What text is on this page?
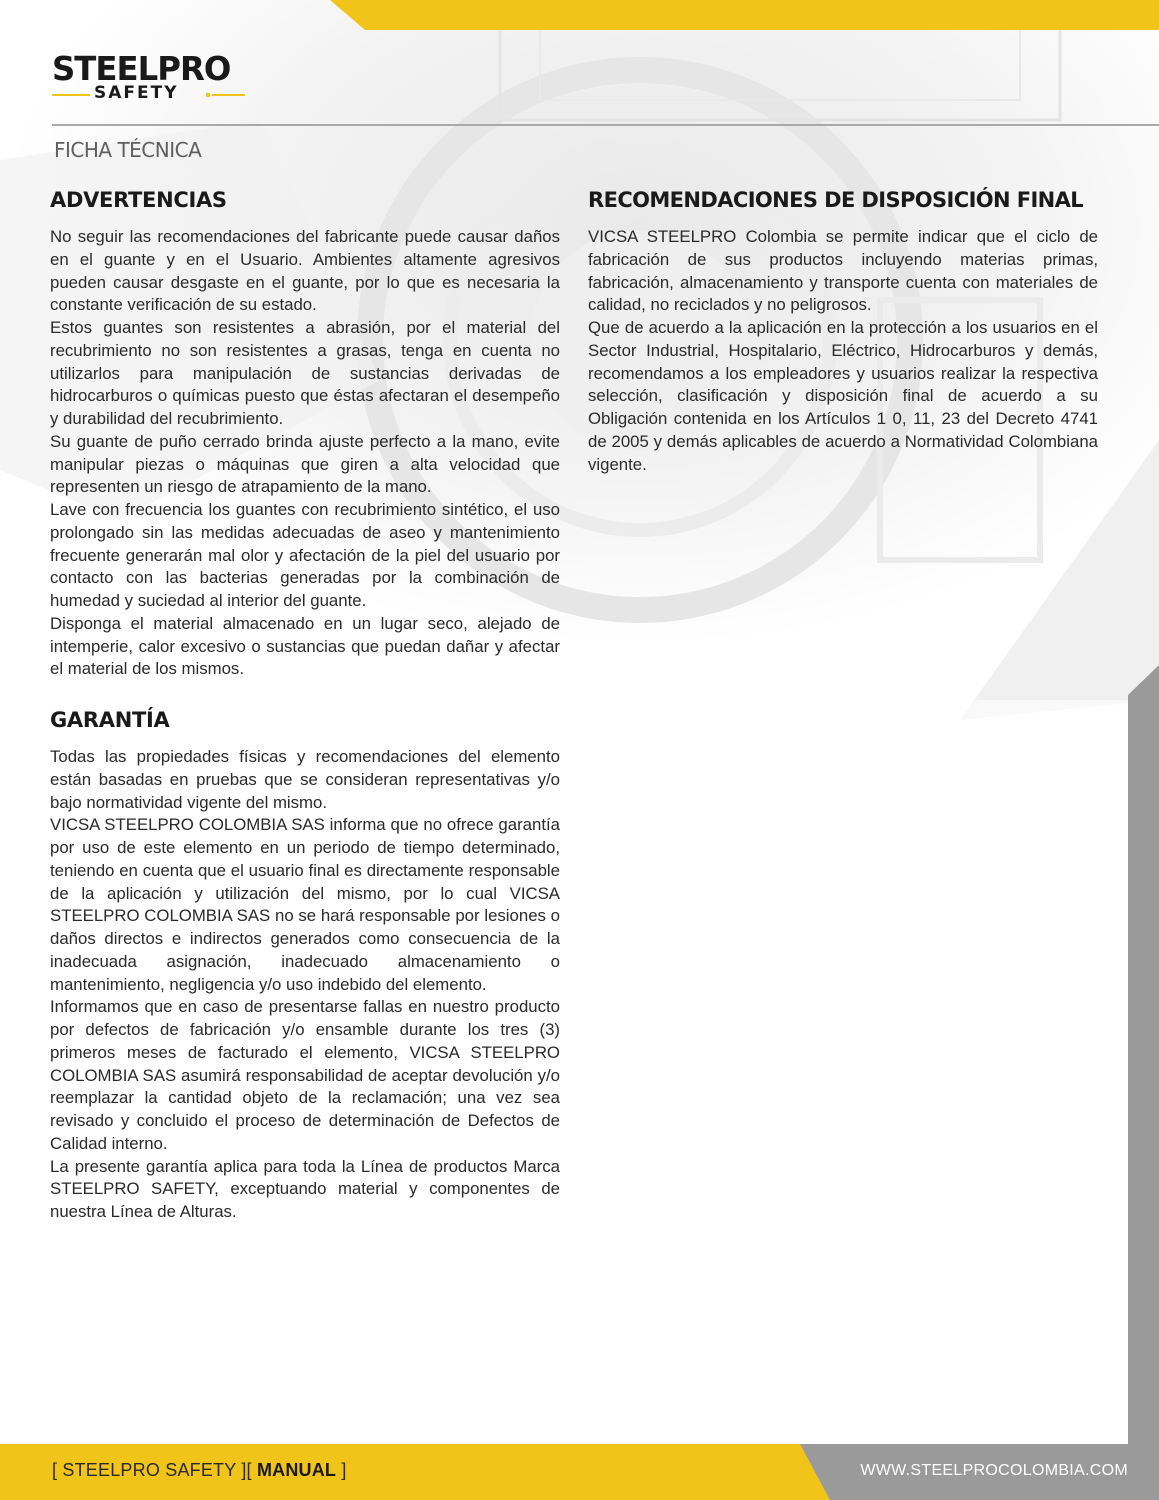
STEELPRO
SAFETY
FICHA TÉCNICA
ADVERTENCIAS

No seguir las recomendaciones del fabricante puede causar daños en el guante y en el Usuario. Ambientes altamente agresivos pueden causar desgaste en el guante, por lo que es necesaria la constante verificación de su estado.

Estos guantes son resistentes a abrasión, por el material del recubrimiento no son resistentes a grasas, tenga en cuenta no utilizarlos para manipulación de sustancias derivadas de hidrocarburos o químicas puesto que éstas afectaran el desempeño y durabilidad del recubrimiento.

Su guante de puño cerrado brinda ajuste perfecto a la mano, evite manipular piezas o máquinas que giren a alta velocidad que representen un riesgo de atrapamiento de la mano.

Lave con frecuencia los guantes con recubrimiento sintético, el uso prolongado sin las medidas adecuadas de aseo y mantenimiento frecuente generarán mal olor y afectación de la piel del usuario por contacto con las bacterias generadas por la combinación de humedad y suciedad al interior del guante.

Disponga el material almacenado en un lugar seco, alejado de intemperie, calor excesivo o sustancias que puedan dañar y afectar el material de los mismos.

GARANTÍA

Todas las propiedades físicas y recomendaciones del elemento están basadas en pruebas que se consideran representativas y/o bajo normatividad vigente del mismo.

VICSA STEELPRO COLOMBIA SAS informa que no ofrece garantía por uso de este elemento en un periodo de tiempo determinado, teniendo en cuenta que el usuario final es directamente responsable de la aplicación y utilización del mismo, por lo cual VICSA STEELPRO COLOMBIA SAS no se hará responsable por lesiones o daños directos e indirectos generados como consecuencia de la inadecuada asignación, inadecuado almacenamiento o mantenimiento, negligencia y/o uso indebido del elemento.

Informamos que en caso de presentarse fallas en nuestro producto por defectos de fabricación y/o ensamble durante los tres (3) primeros meses de facturado el elemento, VICSA STEELPRO COLOMBIA SAS asumirá responsabilidad de aceptar devolución y/o reemplazar la cantidad objeto de la reclamación; una vez sea revisado y concluido el proceso de determinación de Defectos de Calidad interno.

La presente garantía aplica para toda la Línea de productos Marca STEELPRO SAFETY, exceptuando material y componentes de nuestra Línea de Alturas.

RECOMENDACIONES DE DISPOSICIÓN FINAL

VICSA STEELPRO Colombia se permite indicar que el ciclo de fabricación de sus productos incluyendo materias primas, fabricación, almacenamiento y transporte cuenta con materiales de calidad, no reciclados y no peligrosos.

Que de acuerdo a la aplicación en la protección a los usuarios en el Sector Industrial, Hospitalario, Eléctrico, Hidrocarburos y demás, recomendamos a los empleadores y usuarios realizar la respectiva selección, clasificación y disposición final de acuerdo a su Obligación contenida en los Artículos 1 0, 11, 23 del Decreto 4741 de 2005 y demás aplicables de acuerdo a Normatividad Colombiana vigente.

[ STEELPRO SAFETY ][ MANUAL ]	WWW.STEELPROCOLOMBIA.COM
